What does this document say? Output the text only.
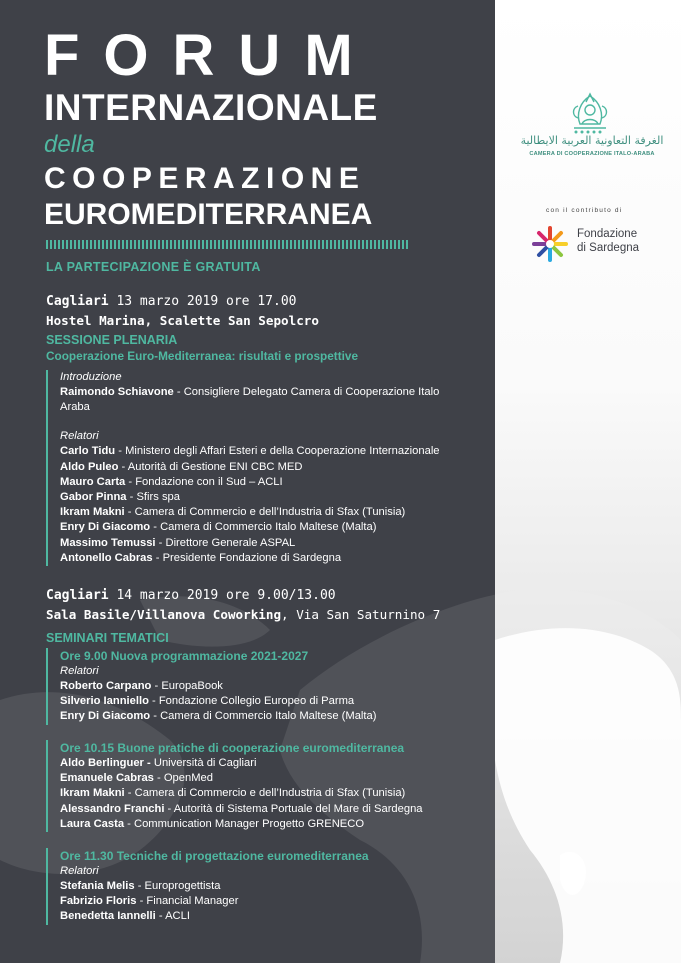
FORUM
INTERNAZIONALE
della
COOPERAZIONE
EUROMEDITERRANEA
LA PARTECIPAZIONE È GRATUITA
Cagliari 13 marzo 2019 ore 17.00
Hostel Marina, Scalette San Sepolcro
SESSIONE PLENARIA
Cooperazione Euro-Mediterranea: risultati e prospettive
Introduzione
Raimondo Schiavone - Consigliere Delegato Camera di Cooperazione Italo Araba
Relatori
Carlo Tidu - Ministero degli Affari Esteri e della Cooperazione Internazionale
Aldo Puleo - Autorità di Gestione ENI CBC MED
Mauro Carta - Fondazione con il Sud – ACLI
Gabor Pinna - Sfirs spa
Ikram Makni - Camera di Commercio e dell’Industria di Sfax (Tunisia)
Enry Di Giacomo - Camera di Commercio Italo Maltese (Malta)
Massimo Temussi - Direttore Generale ASPAL
Antonello Cabras - Presidente Fondazione di Sardegna
Cagliari 14 marzo 2019 ore 9.00/13.00
Sala Basile/Villanova Coworking, Via San Saturnino 7
SEMINARI TEMATICI
Ore 9.00 Nuova programmazione 2021-2027
Relatori
Roberto Carpano - EuropaBook
Silverio Ianniello - Fondazione Collegio Europeo di Parma
Enry Di Giacomo - Camera di Commercio Italo Maltese (Malta)
Ore 10.15 Buone pratiche di cooperazione euromediterranea
Aldo Berlinguer - Università di Cagliari
Emanuele Cabras - OpenMed
Ikram Makni - Camera di Commercio e dell’Industria di Sfax (Tunisia)
Alessandro Franchi - Autorità di Sistema Portuale del Mare di Sardegna
Laura Casta - Communication Manager Progetto GRENECO
Ore 11.30 Tecniche di progettazione euromediterranea
Relatori
Stefania Melis - Europrogettista
Fabrizio Floris - Financial Manager
Benedetta Iannelli - ACLI
الغرفة التعاونية العربية الايطالية
CAMERA DI COOPERAZIONE ITALO-ARABA
con il contributo di
Fondazione
di Sardegna
